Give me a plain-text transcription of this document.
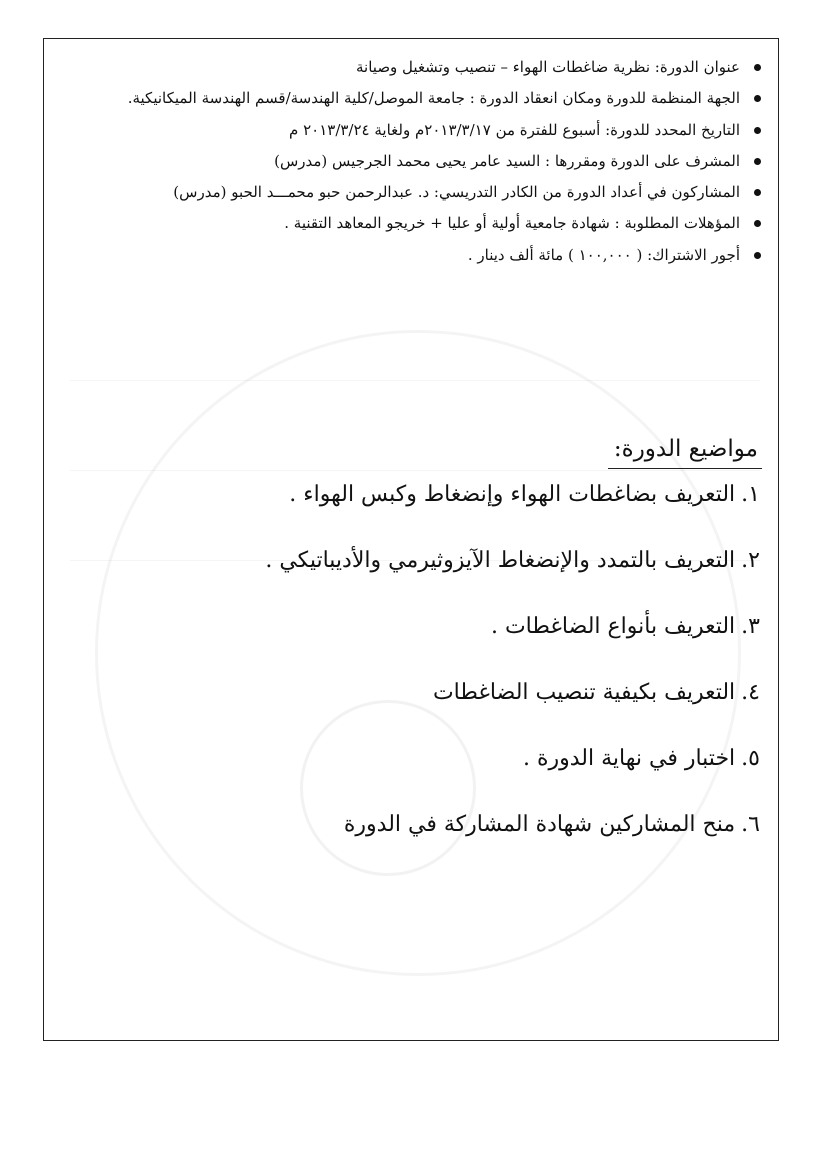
عنوان الدورة: نظرية ضاغطات الهواء – تنصيب وتشغيل وصيانة
الجهة المنظمة للدورة ومكان انعقاد الدورة : جامعة الموصل/كلية الهندسة/قسم الهندسة الميكانيكية.
التاريخ المحدد للدورة: أسبوع للفترة من ٢٠١٣/٣/١٧م ولغاية ٢٠١٣/٣/٢٤ م
المشرف على الدورة ومقررها : السيد عامر يحيى محمد الجرجيس (مدرس)
المشاركون في أعداد الدورة من الكادر التدريسي: د. عبدالرحمن حبو محمـــد الحبو (مدرس)
المؤهلات المطلوبة : شهادة جامعية أولية أو عليا + خريجو المعاهد التقنية .
أجور الاشتراك: ( ١٠٠,٠٠٠ ) مائة ألف دينار .
مواضيع الدورة:
١.التعريف بضاغطات الهواء وإنضغاط وكبس الهواء .
٢.التعريف بالتمدد والإنضغاط الآيزوثيرمي والأديباتيكي .
٣.التعريف بأنواع الضاغطات .
٤.التعريف بكيفية تنصيب الضاغطات
٥.اختبار في نهاية الدورة .
٦.منح المشاركين شهادة المشاركة في الدورة
